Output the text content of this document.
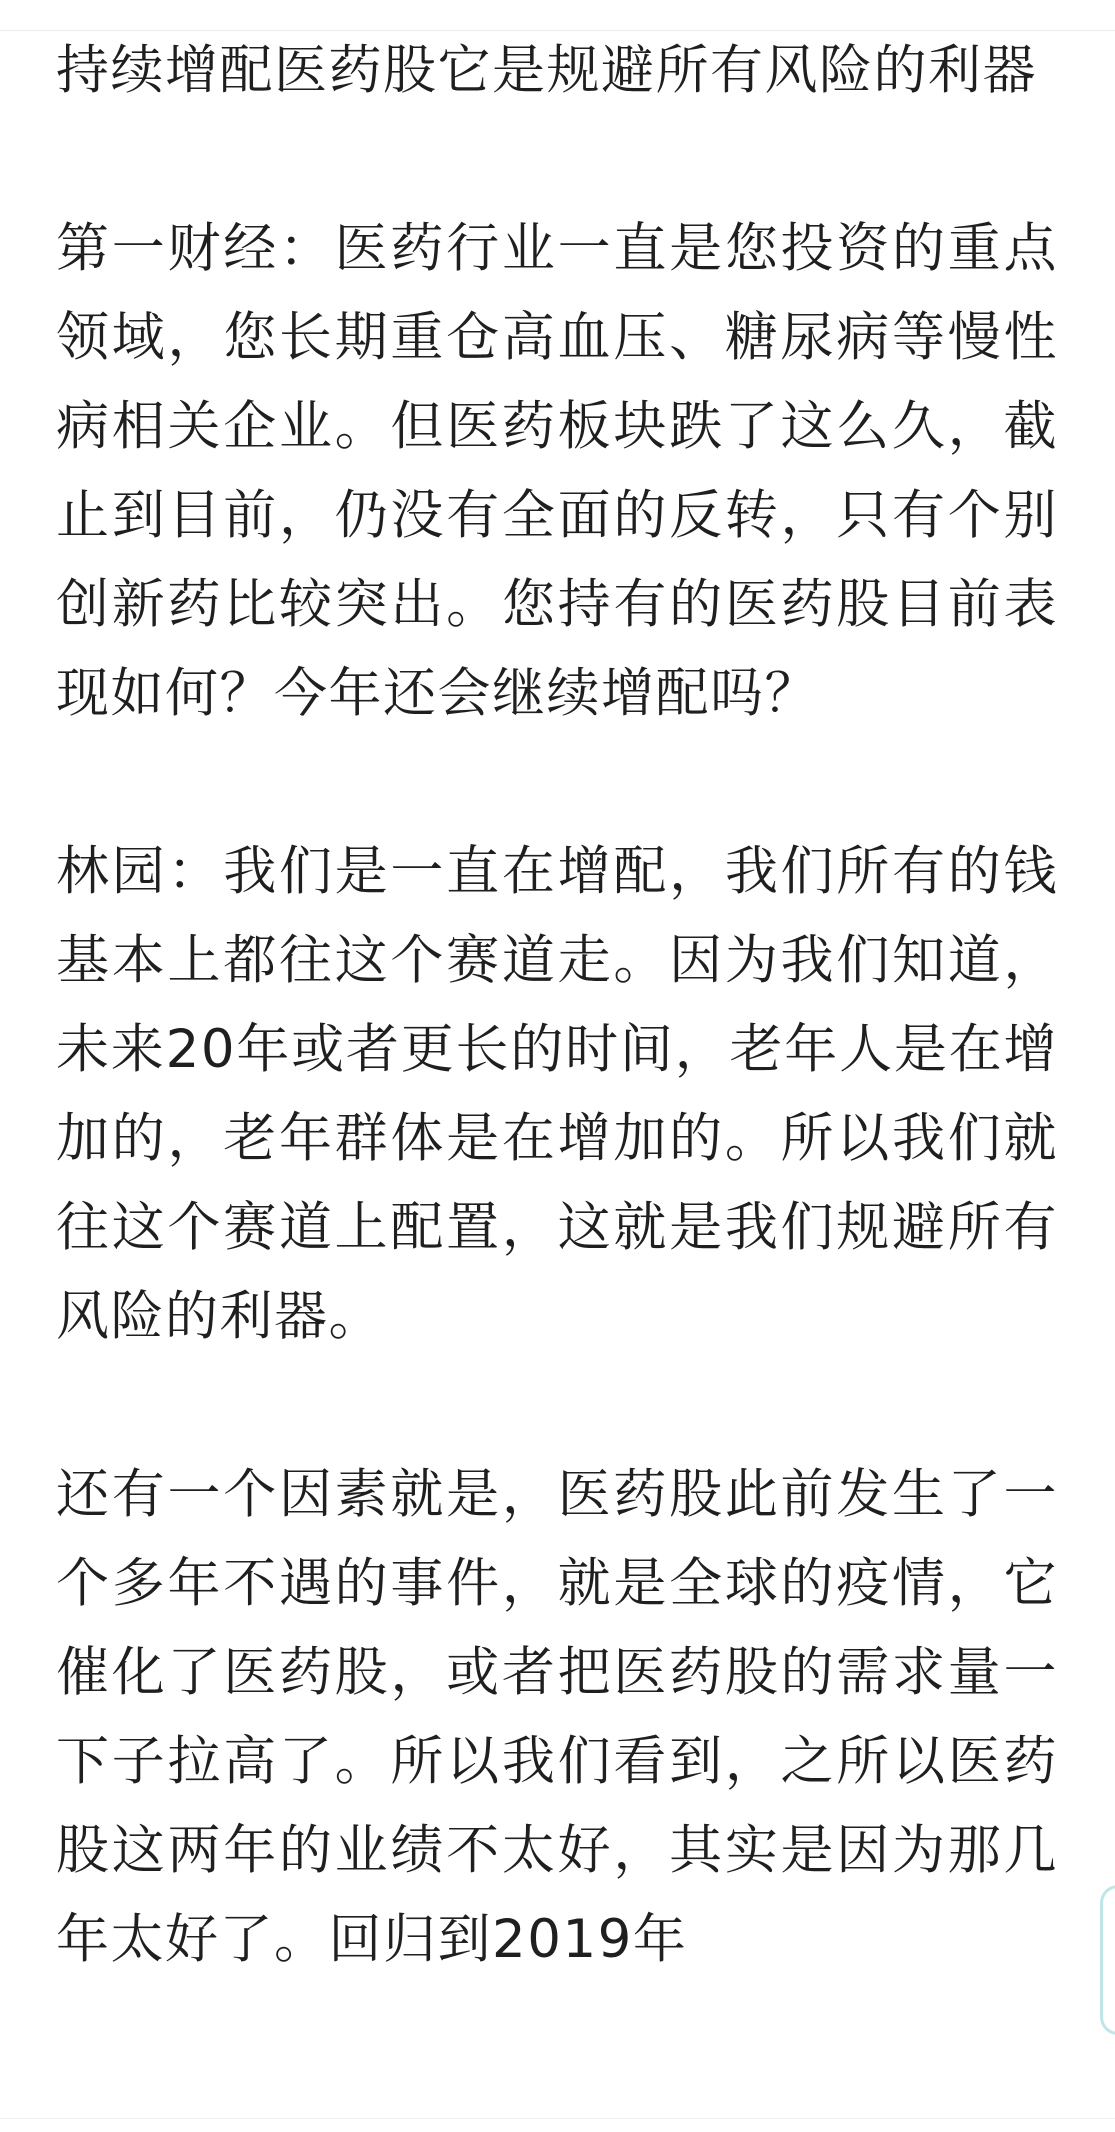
持续增配医药股它是规避所有风险的利器

第一财经：医药行业一直是您投资的重点领域，您长期重仓高血压、糖尿病等慢性病相关企业。但医药板块跌了这么久，截止到目前，仍没有全面的反转，只有个别创新药比较突出。您持有的医药股目前表现如何？今年还会继续增配吗？

林园：我们是一直在增配，我们所有的钱基本上都往这个赛道走。因为我们知道，未来20年或者更长的时间，老年人是在增加的，老年群体是在增加的。所以我们就往这个赛道上配置，这就是我们规避所有风险的利器。

还有一个因素就是，医药股此前发生了一个多年不遇的事件，就是全球的疫情，它催化了医药股，或者把医药股的需求量一下子拉高了。所以我们看到，之所以医药股这两年的业绩不太好，其实是因为那几年太好了。回归到2019年
